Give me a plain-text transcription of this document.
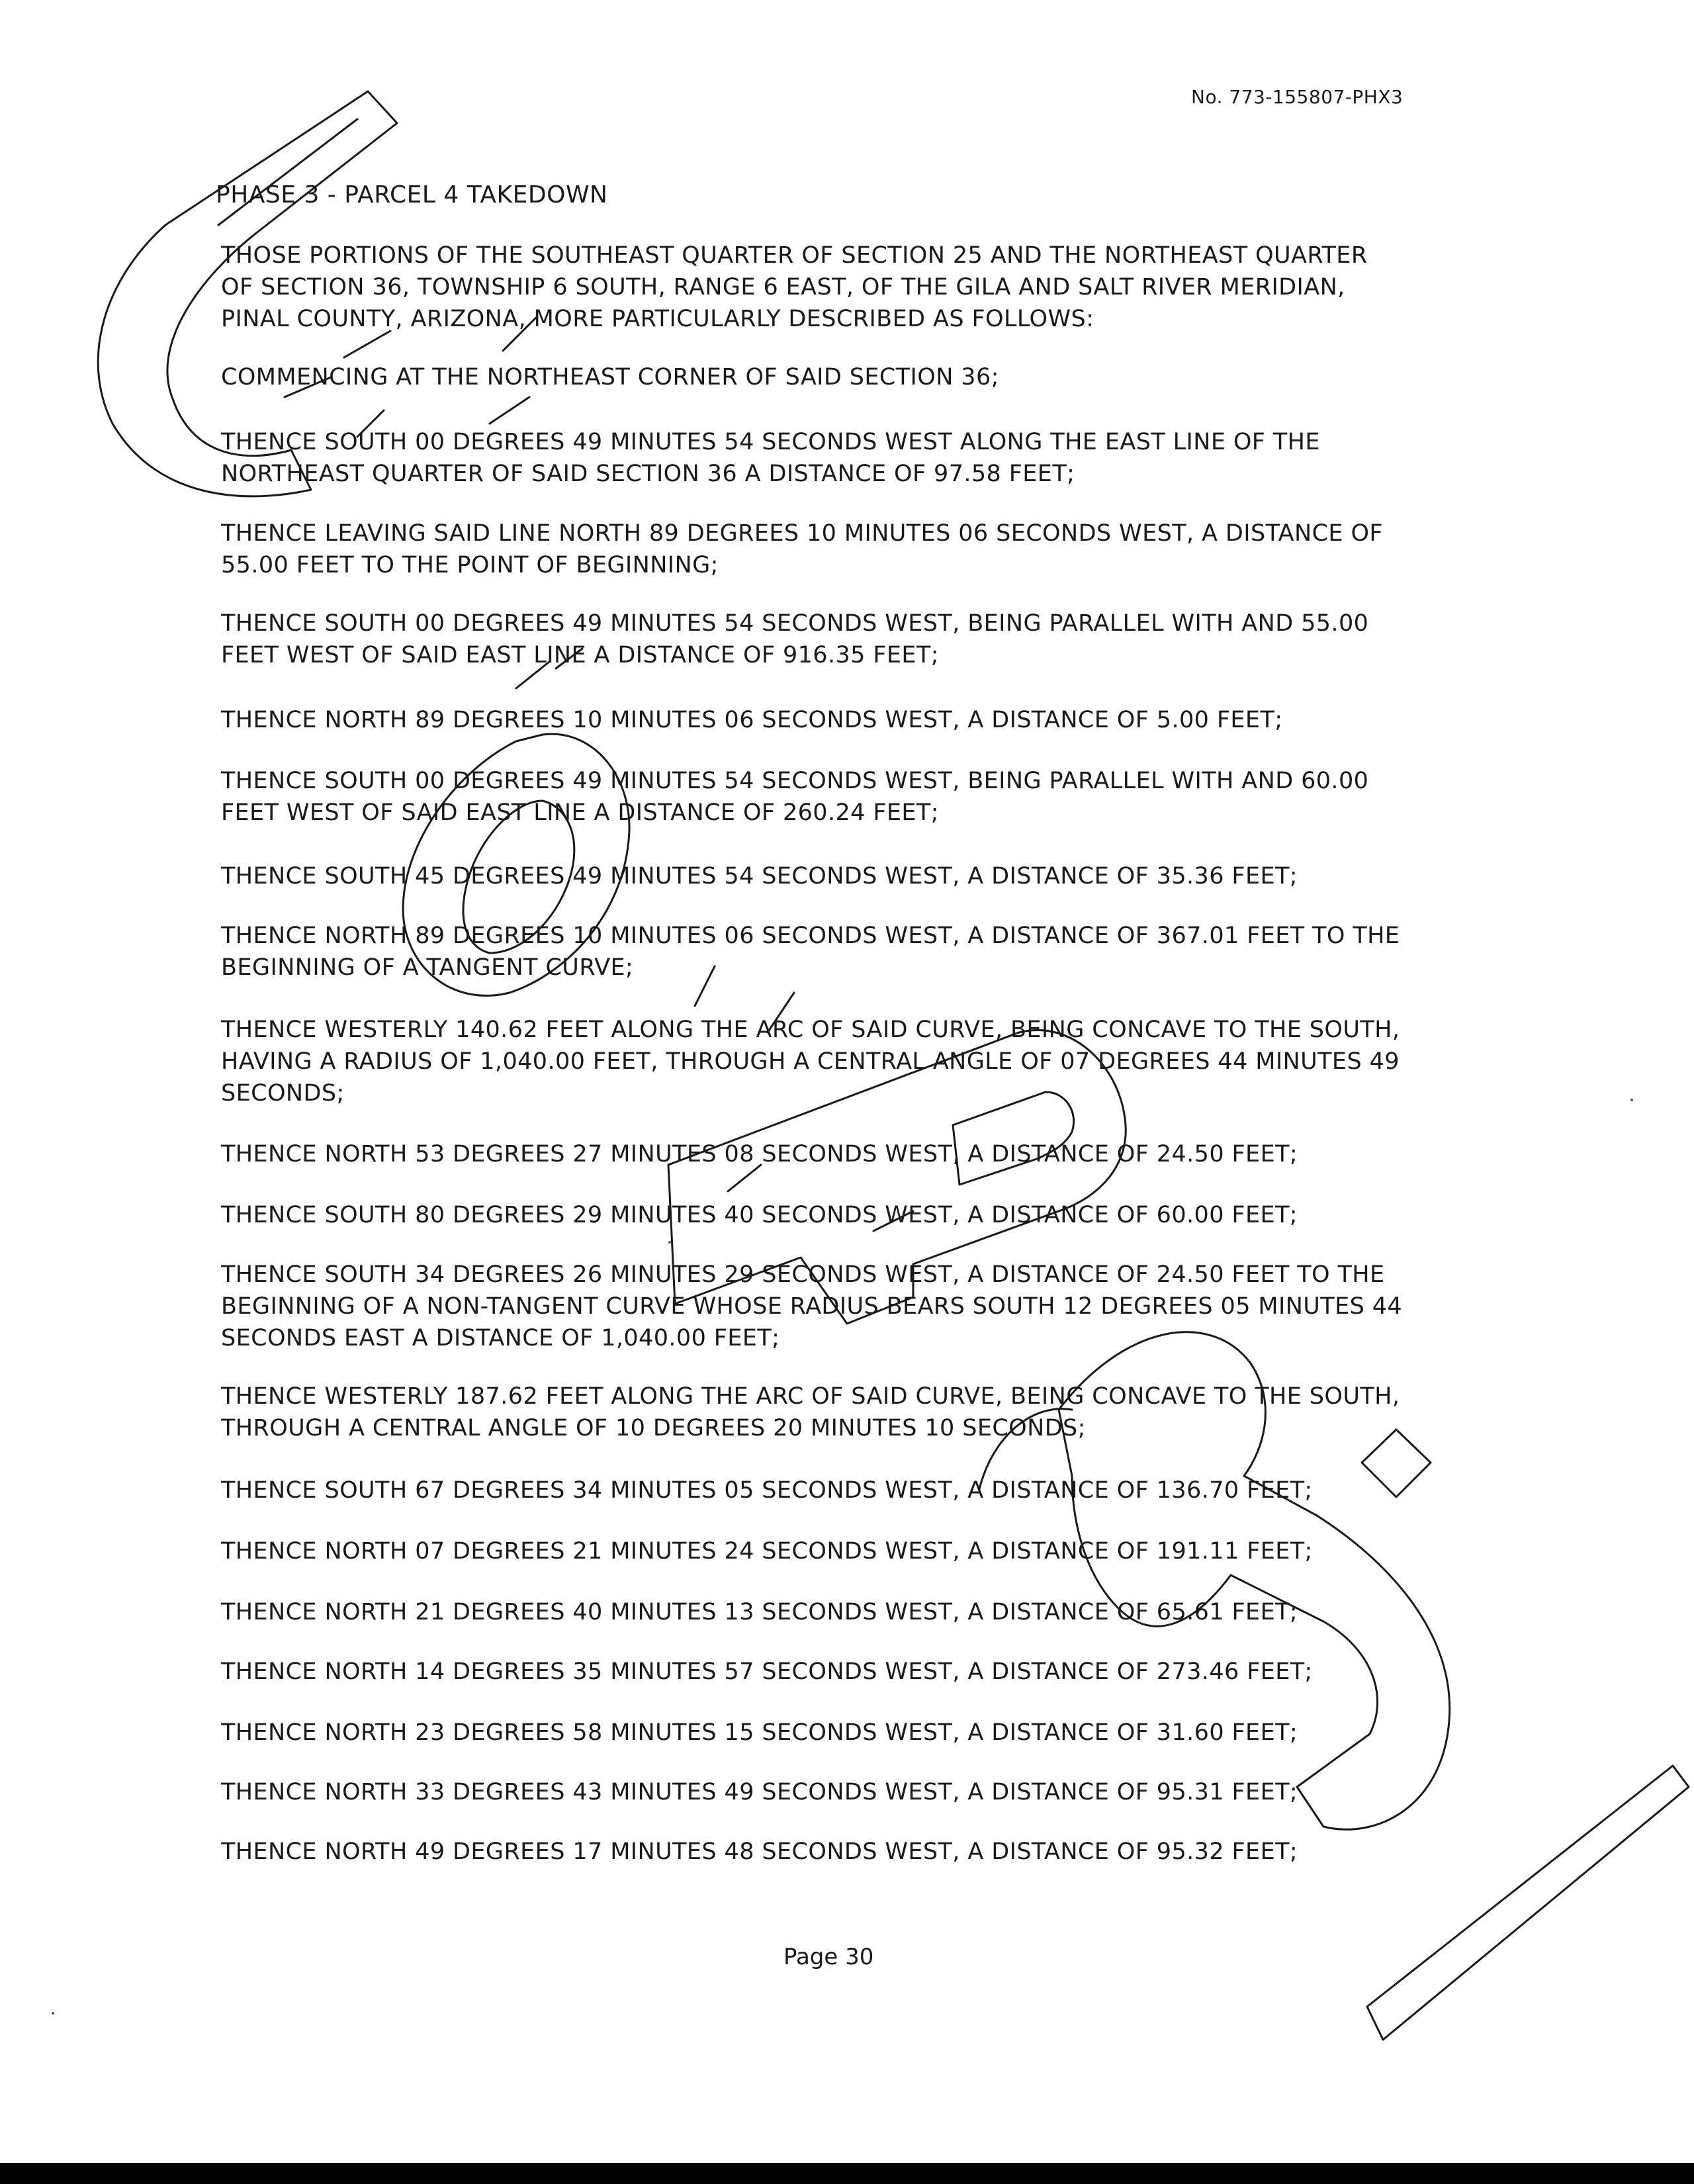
No. 773-155807-PHX3
PHASE 3 - PARCEL 4 TAKEDOWN
THOSE PORTIONS OF THE SOUTHEAST QUARTER OF SECTION 25 AND THE NORTHEAST QUARTER OF SECTION 36, TOWNSHIP 6 SOUTH, RANGE 6 EAST, OF THE GILA AND SALT RIVER MERIDIAN, PINAL COUNTY, ARIZONA, MORE PARTICULARLY DESCRIBED AS FOLLOWS:
COMMENCING AT THE NORTHEAST CORNER OF SAID SECTION 36;
THENCE SOUTH 00 DEGREES 49 MINUTES 54 SECONDS WEST ALONG THE EAST LINE OF THE NORTHEAST QUARTER OF SAID SECTION 36 A DISTANCE OF 97.58 FEET;
THENCE LEAVING SAID LINE NORTH 89 DEGREES 10 MINUTES 06 SECONDS WEST, A DISTANCE OF 55.00 FEET TO THE POINT OF BEGINNING;
THENCE SOUTH 00 DEGREES 49 MINUTES 54 SECONDS WEST, BEING PARALLEL WITH AND 55.00 FEET WEST OF SAID EAST LINE A DISTANCE OF 916.35 FEET;
THENCE NORTH 89 DEGREES 10 MINUTES 06 SECONDS WEST, A DISTANCE OF 5.00 FEET;
THENCE SOUTH 00 DEGREES 49 MINUTES 54 SECONDS WEST, BEING PARALLEL WITH AND 60.00 FEET WEST OF SAID EAST LINE A DISTANCE OF 260.24 FEET;
THENCE SOUTH 45 DEGREES 49 MINUTES 54 SECONDS WEST, A DISTANCE OF 35.36 FEET;
THENCE NORTH 89 DEGREES 10 MINUTES 06 SECONDS WEST, A DISTANCE OF 367.01 FEET TO THE BEGINNING OF A TANGENT CURVE;
THENCE WESTERLY 140.62 FEET ALONG THE ARC OF SAID CURVE, BEING CONCAVE TO THE SOUTH, HAVING A RADIUS OF 1,040.00 FEET, THROUGH A CENTRAL ANGLE OF 07 DEGREES 44 MINUTES 49 SECONDS;
THENCE NORTH 53 DEGREES 27 MINUTES 08 SECONDS WEST, A DISTANCE OF 24.50 FEET;
THENCE SOUTH 80 DEGREES 29 MINUTES 40 SECONDS WEST, A DISTANCE OF 60.00 FEET;
THENCE SOUTH 34 DEGREES 26 MINUTES 29 SECONDS WEST, A DISTANCE OF 24.50 FEET TO THE BEGINNING OF A NON-TANGENT CURVE WHOSE RADIUS BEARS SOUTH 12 DEGREES 05 MINUTES 44 SECONDS EAST A DISTANCE OF 1,040.00 FEET;
THENCE WESTERLY 187.62 FEET ALONG THE ARC OF SAID CURVE, BEING CONCAVE TO THE SOUTH, THROUGH A CENTRAL ANGLE OF 10 DEGREES 20 MINUTES 10 SECONDS;
THENCE SOUTH 67 DEGREES 34 MINUTES 05 SECONDS WEST, A DISTANCE OF 136.70 FEET;
THENCE NORTH 07 DEGREES 21 MINUTES 24 SECONDS WEST, A DISTANCE OF 191.11 FEET;
THENCE NORTH 21 DEGREES 40 MINUTES 13 SECONDS WEST, A DISTANCE OF 65.61 FEET;
THENCE NORTH 14 DEGREES 35 MINUTES 57 SECONDS WEST, A DISTANCE OF 273.46 FEET;
THENCE NORTH 23 DEGREES 58 MINUTES 15 SECONDS WEST, A DISTANCE OF 31.60 FEET;
THENCE NORTH 33 DEGREES 43 MINUTES 49 SECONDS WEST, A DISTANCE OF 95.31 FEET;
THENCE NORTH 49 DEGREES 17 MINUTES 48 SECONDS WEST, A DISTANCE OF 95.32 FEET;
Page 30
